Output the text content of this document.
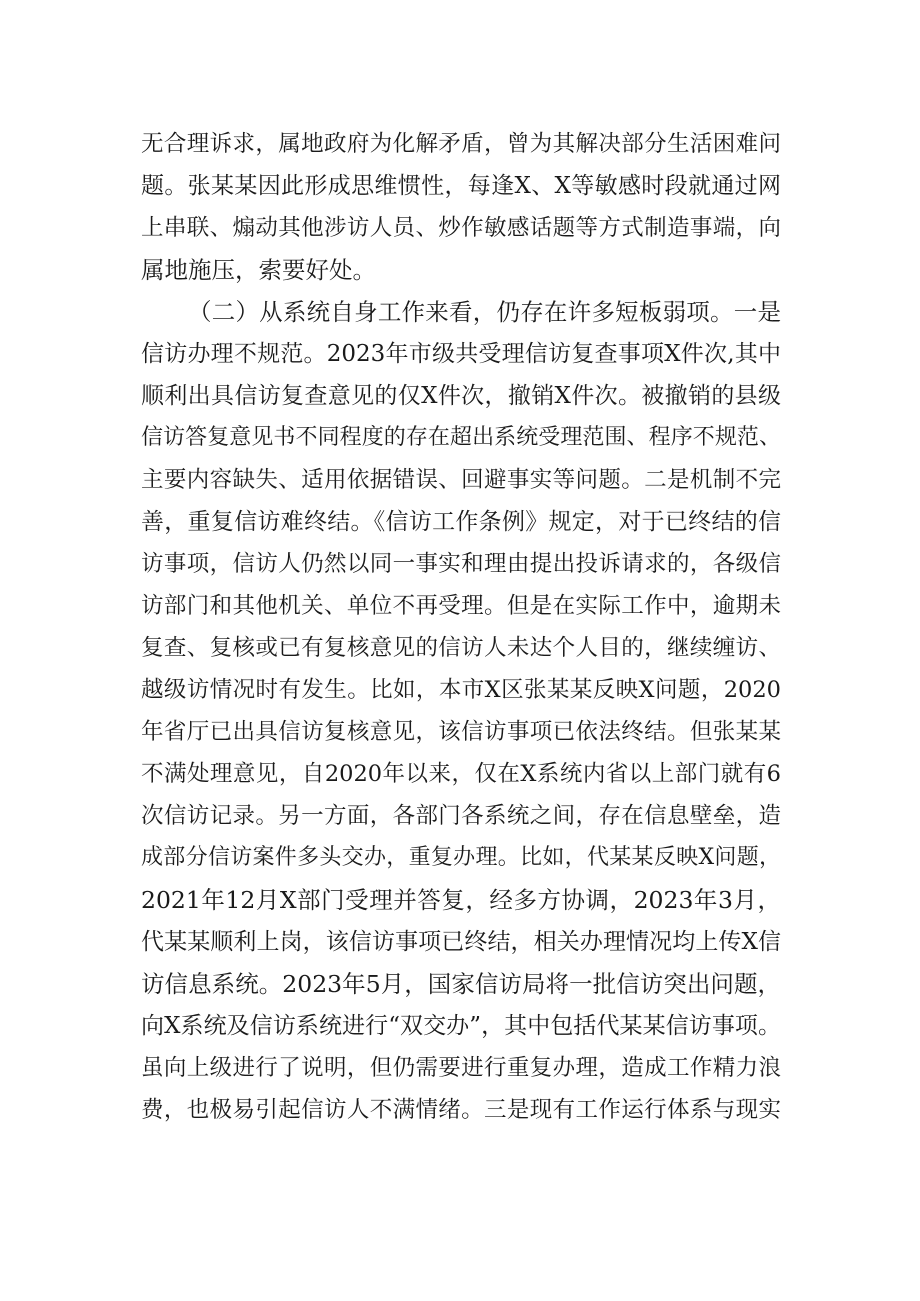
无合理诉求，属地政府为化解矛盾，曾为其解决部分生活困难问
题。张某某因此形成思维惯性，每逢X、X等敏感时段就通过网
上串联、煽动其他涉访人员、炒作敏感话题等方式制造事端，向
属地施压，索要好处。
（二）从系统自身工作来看，仍存在许多短板弱项。一是
信访办理不规范。2023年市级共受理信访复查事项X件次,其中
顺利出具信访复查意见的仅X件次，撤销X件次。被撤销的县级
信访答复意见书不同程度的存在超出系统受理范围、程序不规范、
主要内容缺失、适用依据错误、回避事实等问题。二是机制不完
善，重复信访难终结。《信访工作条例》规定，对于已终结的信
访事项，信访人仍然以同一事实和理由提出投诉请求的，各级信
访部门和其他机关、单位不再受理。但是在实际工作中，逾期未
复查、复核或已有复核意见的信访人未达个人目的，继续缠访、
越级访情况时有发生。比如，本市X区张某某反映X问题，2020
年省厅已出具信访复核意见，该信访事项已依法终结。但张某某
不满处理意见，自2020年以来，仅在X系统内省以上部门就有6
次信访记录。另一方面，各部门各系统之间，存在信息壁垒，造
成部分信访案件多头交办，重复办理。比如，代某某反映X问题，
2021年12月X部门受理并答复，经多方协调，2023年3月，
代某某顺利上岗，该信访事项已终结，相关办理情况均上传X信
访信息系统。2023年5月，国家信访局将一批信访突出问题，
向X系统及信访系统进行“双交办”，其中包括代某某信访事项。
虽向上级进行了说明，但仍需要进行重复办理，造成工作精力浪
费，也极易引起信访人不满情绪。三是现有工作运行体系与现实
